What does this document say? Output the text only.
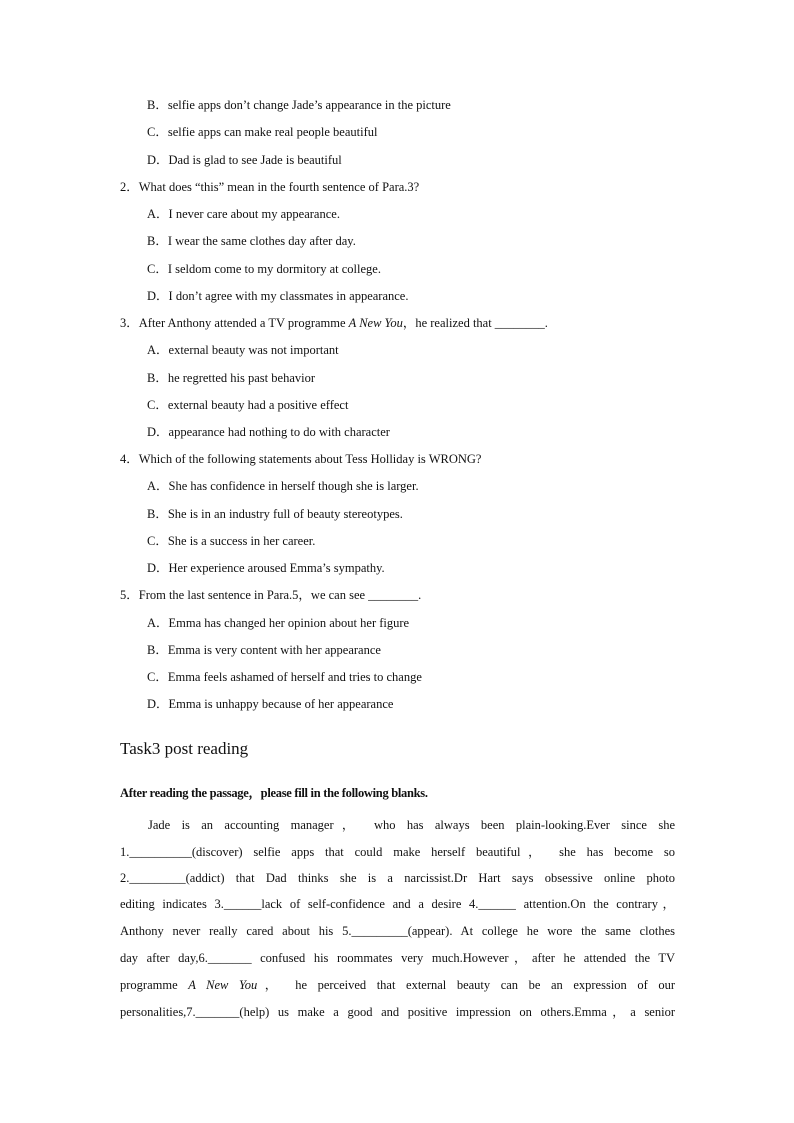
B．selfie apps don’t change Jade’s appearance in the picture
C．selfie apps can make real people beautiful
D．Dad is glad to see Jade is beautiful
2．What does “this” mean in the fourth sentence of Para.3?
A．I never care about my appearance.
B．I wear the same clothes day after day.
C．I seldom come to my dormitory at college.
D．I don’t agree with my classmates in appearance.
3．After Anthony attended a TV programme A New You，he realized that ________.
A．external beauty was not important
B．he regretted his past behavior
C．external beauty had a positive effect
D．appearance had nothing to do with character
4．Which of the following statements about Tess Holliday is WRONG?
A．She has confidence in herself though she is larger.
B．She is in an industry full of beauty stereotypes.
C．She is a success in her career.
D．Her experience aroused Emma’s sympathy.
5．From the last sentence in Para.5，we can see ________.
A．Emma has changed her opinion about her figure
B．Emma is very content with her appearance
C．Emma feels ashamed of herself and tries to change
D．Emma is unhappy because of her appearance
Task3 post reading
After reading the passage，please fill in the following blanks.
Jade is an accounting manager， who has always been plain-looking.Ever since she
1.__________(discover) selfie apps that could make herself beautiful， she has become so
2._________(addict) that Dad thinks she is a narcissist.Dr Hart says obsessive online photo
editing indicates 3.______lack of self-confidence and a desire 4.______ attention.On the contrary，
Anthony never really cared about his 5._________(appear). At college he wore the same clothes
day after day,6._______ confused his roommates very much.However，after he attended the TV
programme A New You， he perceived that external beauty can be an expression of our
personalities,7._______(help) us make a good and positive impression on others.Emma，a senior
